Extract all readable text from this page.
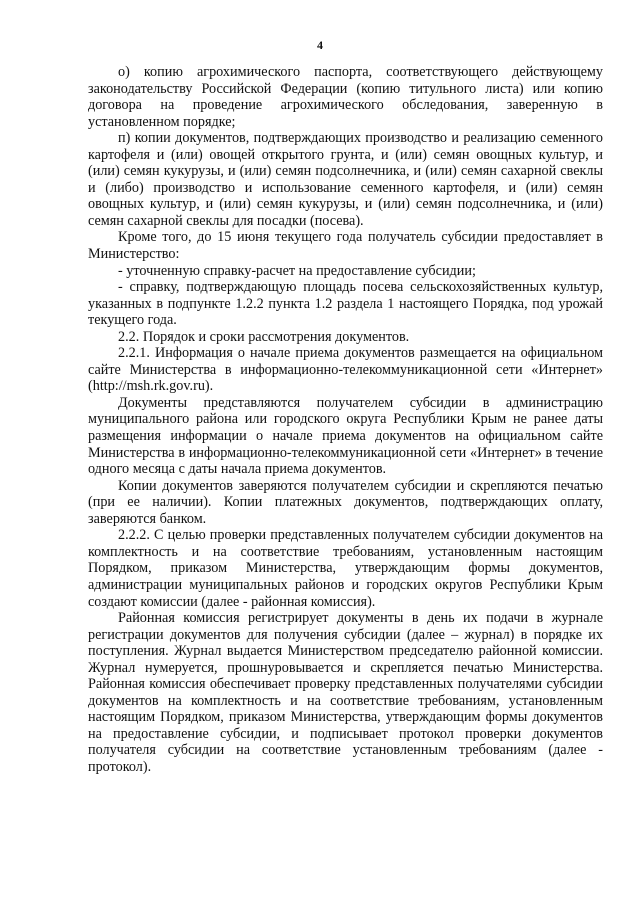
4

о) копию агрохимического паспорта, соответствующего действующему законодательству Российской Федерации (копию титульного листа) или копию договора на проведение агрохимического обследования, заверенную в установленном порядке;

п) копии документов, подтверждающих производство и реализацию семенного картофеля и (или) овощей открытого грунта, и (или) семян овощных культур, и (или) семян кукурузы, и (или) семян подсолнечника, и (или) семян сахарной свеклы и (либо) производство и использование семенного картофеля, и (или) семян овощных культур, и (или) семян кукурузы, и (или) семян подсолнечника, и (или) семян сахарной свеклы для посадки (посева).

Кроме того, до 15 июня текущего года получатель субсидии предоставляет в Министерство:

- уточненную справку-расчет на предоставление субсидии;

- справку, подтверждающую площадь посева сельскохозяйственных культур, указанных в подпункте 1.2.2 пункта 1.2 раздела 1 настоящего Порядка, под урожай текущего года.

2.2. Порядок и сроки рассмотрения документов.

2.2.1. Информация о начале приема документов размещается на официальном сайте Министерства в информационно-телекоммуникационной сети «Интернет» (http://msh.rk.gov.ru).

Документы представляются получателем субсидии в администрацию муниципального района или городского округа Республики Крым не ранее даты размещения информации о начале приема документов на официальном сайте Министерства в информационно-телекоммуникационной сети «Интернет» в течение одного месяца с даты начала приема документов.

Копии документов заверяются получателем субсидии и скрепляются печатью (при ее наличии). Копии платежных документов, подтверждающих оплату, заверяются банком.

2.2.2. С целью проверки представленных получателем субсидии документов на комплектность и на соответствие требованиям, установленным настоящим Порядком, приказом Министерства, утверждающим формы документов, администрации муниципальных районов и городских округов Республики Крым создают комиссии (далее - районная комиссия).

Районная комиссия регистрирует документы в день их подачи в журнале регистрации документов для получения субсидии (далее – журнал) в порядке их поступления. Журнал выдается Министерством председателю районной комиссии. Журнал нумеруется, прошнуровывается и скрепляется печатью Министерства. Районная комиссия обеспечивает проверку представленных получателями субсидии документов на комплектность и на соответствие требованиям, установленным настоящим Порядком, приказом Министерства, утверждающим формы документов на предоставление субсидии, и подписывает протокол проверки документов получателя субсидии на соответствие установленным требованиям (далее - протокол).
